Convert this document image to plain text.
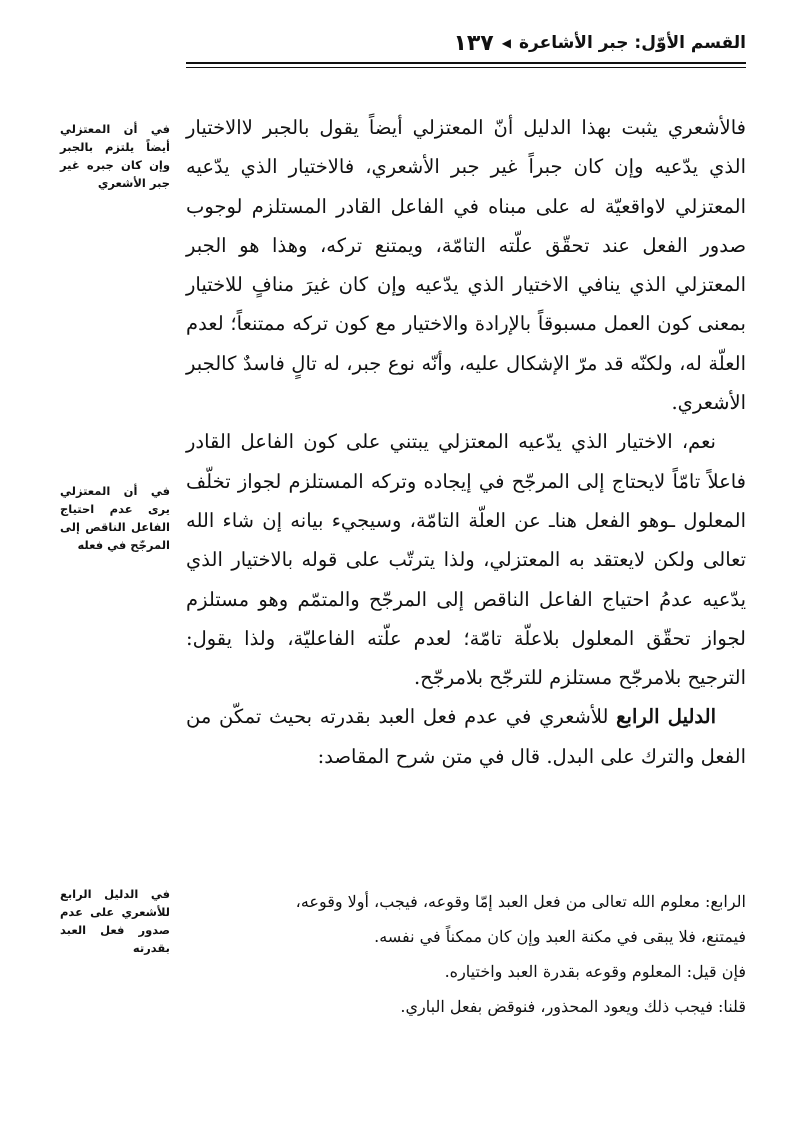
القسم الأوّل: جبر الأشاعرة
◀
١٣٧

فالأشعري يثبت بهذا الدليل أنّ المعتزلي أيضاً يقول بالجبر لاالاختيار الذي يدّعيه وإن كان جبراً غير جبر الأشعري، فالاختيار الذي يدّعيه المعتزلي لاواقعيّة له على مبناه في الفاعل القادر المستلزم لوجوب صدور الفعل عند تحقّق علّته التامّة، ويمتنع تركه، وهذا هو الجبر المعتزلي الذي ينافي الاختيار الذي يدّعيه وإن كان غيرَ منافٍ للاختيار بمعنى كون العمل مسبوقاً بالإرادة والاختيار مع كون تركه ممتنعاً؛ لعدم العلّة له، ولكنّه قد مرّ الإشكال عليه، وأنّه نوع جبر، له تالٍ فاسدٌ كالجبر الأشعري.

نعم، الاختيار الذي يدّعيه المعتزلي يبتني على كون الفاعل القادر فاعلاً تامّاً لايحتاج إلى المرجّح في إيجاده وتركه المستلزم لجواز تخلّف المعلول ـوهو الفعل هناـ عن العلّة التامّة، وسيجيء بيانه إن شاء الله تعالى ولكن لايعتقد به المعتزلي، ولذا يترتّب على قوله بالاختيار الذي يدّعيه عدمُ احتياج الفاعل الناقص إلى المرجّح والمتمّم وهو مستلزم لجواز تحقّق المعلول بلاعلّة تامّة؛ لعدم علّته الفاعليّة، ولذا يقول: الترجيح بلامرجّح مستلزم للترجّح بلامرجّح.

الدليل الرابع للأشعري في عدم فعل العبد بقدرته بحيث تمكّن من الفعل والترك على البدل. قال في متن شرح المقاصد:

الرابع: معلوم الله تعالى من فعل العبد إمّا وقوعه، فيجب، أولا وقوعه،

فيمتنع، فلا يبقى في مكنة العبد وإن كان ممكناً في نفسه.

فإن قيل: المعلوم وقوعه بقدرة العبد واختياره.

قلنا: فيجب ذلك ويعود المحذور، فنوقض بفعل الباري.

في أن المعتزلي أيضاً يلتزم بالجبر وإن كان جبره غير جبر الأشعري
في أن المعتزلي يرى عدم احتياج الفاعل الناقص إلى المرجّح في فعله
في الدليل الرابع للأشعري على عدم صدور فعل العبد بقدرته
